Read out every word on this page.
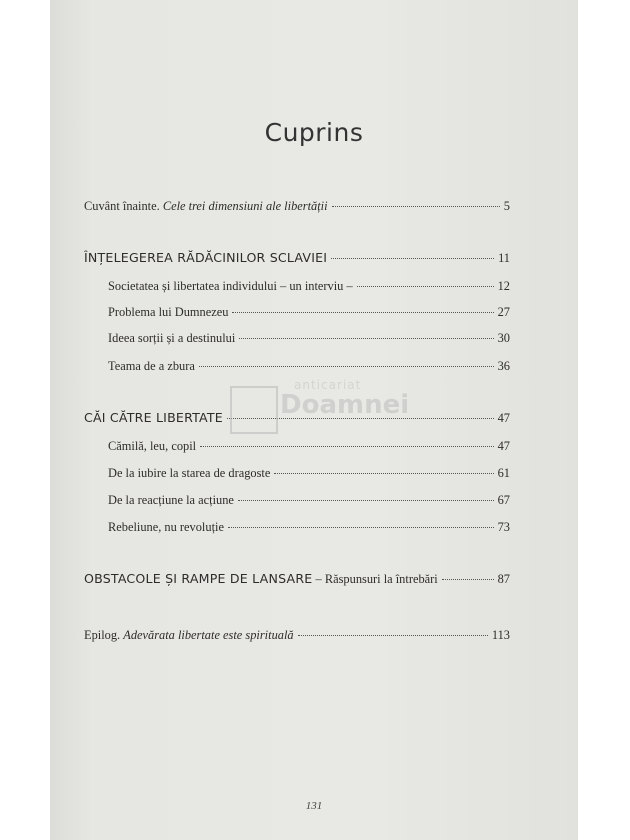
Cuprins
Cuvânt înainte. Cele trei dimensiuni ale libertății	5
ÎNȚELEGEREA RĂDĂCINILOR SCLAVIEI	11
Societatea și libertatea individului – un interviu –	12
Problema lui Dumnezeu	27
Ideea sorții și a destinului	30
Teama de a zbura	36
CĂI CĂTRE LIBERTATE	47
Cămilă, leu, copil	47
De la iubire la starea de dragoste	61
De la reacțiune la acțiune	67
Rebeliune, nu revoluție	73
OBSTACOLE ȘI RAMPE DE LANSARE – Răspunsuri la întrebări	87
Epilog. Adevărata libertate este spirituală	113
anticariat
Doamnei
131
